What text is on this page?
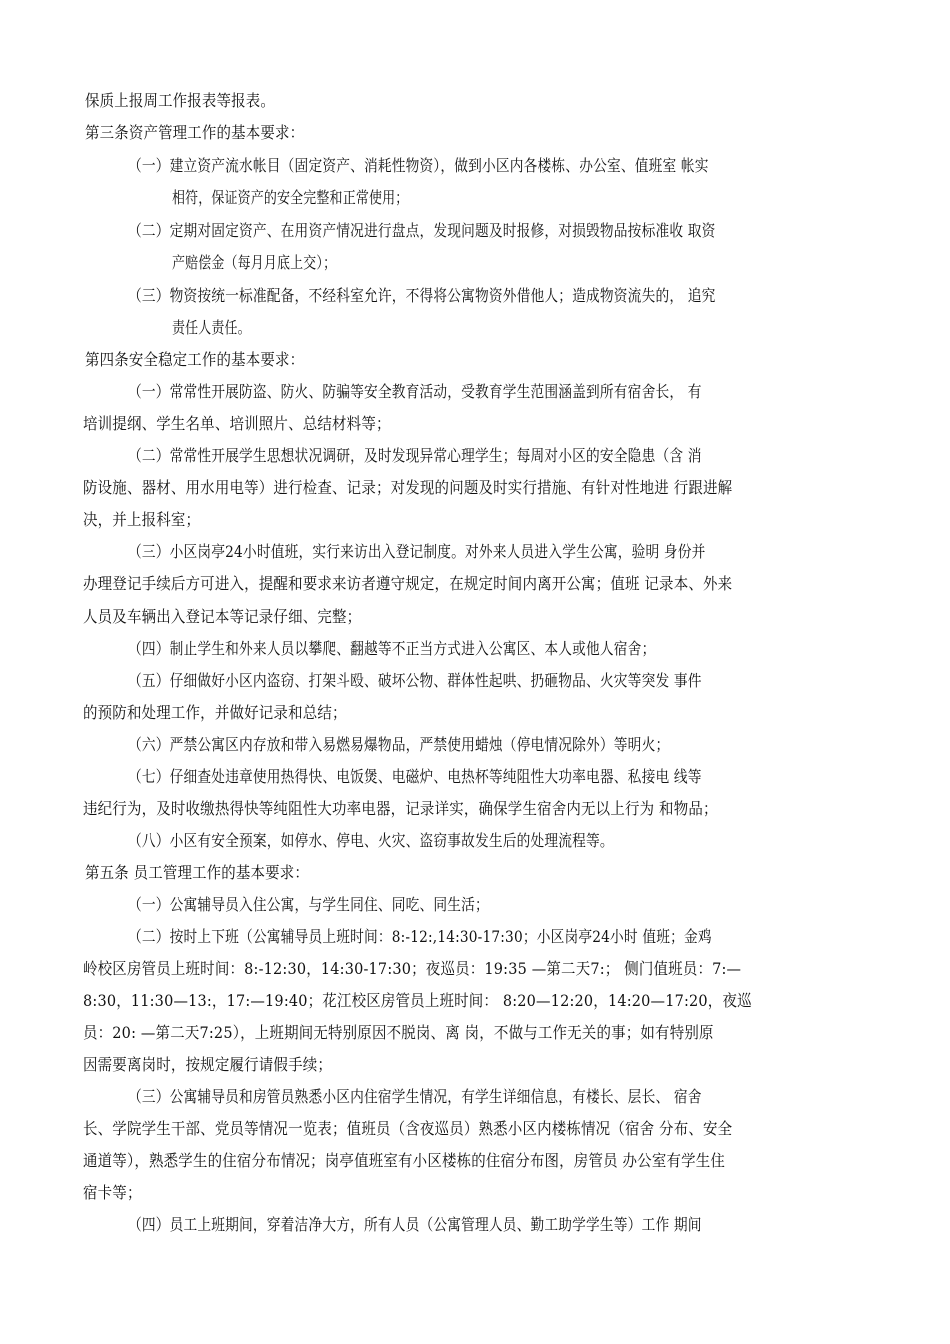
保质上报周工作报表等报表。
第三条资产管理工作的基本要求：
（一）建立资产流水帐目（固定资产、消耗性物资），做到小区内各楼栋、办公室、值班室 帐实
相符，保证资产的安全完整和正常使用；
（二）定期对固定资产、在用资产情况进行盘点，发现问题及时报修，对损毁物品按标准收 取资
产赔偿金（每月月底上交）；
（三）物资按统一标准配备，不经科室允许，不得将公寓物资外借他人；造成物资流失的， 追究
责任人责任。
第四条安全稳定工作的基本要求：
（一）常常性开展防盗、防火、防骗等安全教育活动，受教育学生范围涵盖到所有宿舍长， 有
培训提纲、学生名单、培训照片、总结材料等；
（二）常常性开展学生思想状况调研，及时发现异常心理学生；每周对小区的安全隐患（含 消
防设施、器材、用水用电等）进行检查、记录；对发现的问题及时实行措施、有针对性地进 行跟进解
决，并上报科室；
（三）小区岗亭24小时值班，实行来访出入登记制度。对外来人员进入学生公寓，验明 身份并
办理登记手续后方可进入，提醒和要求来访者遵守规定，在规定时间内离开公寓；值班 记录本、外来
人员及车辆出入登记本等记录仔细、完整；
（四）制止学生和外来人员以攀爬、翻越等不正当方式进入公寓区、本人或他人宿舍；
（五）仔细做好小区内盗窃、打架斗殴、破坏公物、群体性起哄、扔砸物品、火灾等突发 事件
的预防和处理工作，并做好记录和总结；
（六）严禁公寓区内存放和带入易燃易爆物品，严禁使用蜡烛（停电情况除外）等明火；
（七）仔细查处违章使用热得快、电饭煲、电磁炉、电热杯等纯阻性大功率电器、私接电 线等
违纪行为，及时收缴热得快等纯阻性大功率电器，记录详实，确保学生宿舍内无以上行为 和物品；
（八）小区有安全预案，如停水、停电、火灾、盗窃事故发生后的处理流程等。
第五条 员工管理工作的基本要求：
（一）公寓辅导员入住公寓，与学生同住、同吃、同生活；
（二）按时上下班（公寓辅导员上班时间：8:-12:,14:30-17:30；小区岗亭24小时 值班；金鸡
岭校区房管员上班时间：8:-12:30，14:30-17:30；夜巡员：19:35 —第二天7:； 侧门值班员：7:—
8:30，11:30—13:，17:—19:40；花江校区房管员上班时间： 8:20—12:20，14:20—17:20，夜巡
员：20: —第二天7:25），上班期间无特别原因不脱岗、离 岗，不做与工作无关的事；如有特别原
因需要离岗时，按规定履行请假手续；
（三）公寓辅导员和房管员熟悉小区内住宿学生情况，有学生详细信息，有楼长、层长、 宿舍
长、学院学生干部、党员等情况一览表；值班员（含夜巡员）熟悉小区内楼栋情况（宿舍 分布、安全
通道等），熟悉学生的住宿分布情况；岗亭值班室有小区楼栋的住宿分布图，房管员 办公室有学生住
宿卡等；
（四）员工上班期间，穿着洁净大方，所有人员（公寓管理人员、勤工助学学生等）工作 期间
